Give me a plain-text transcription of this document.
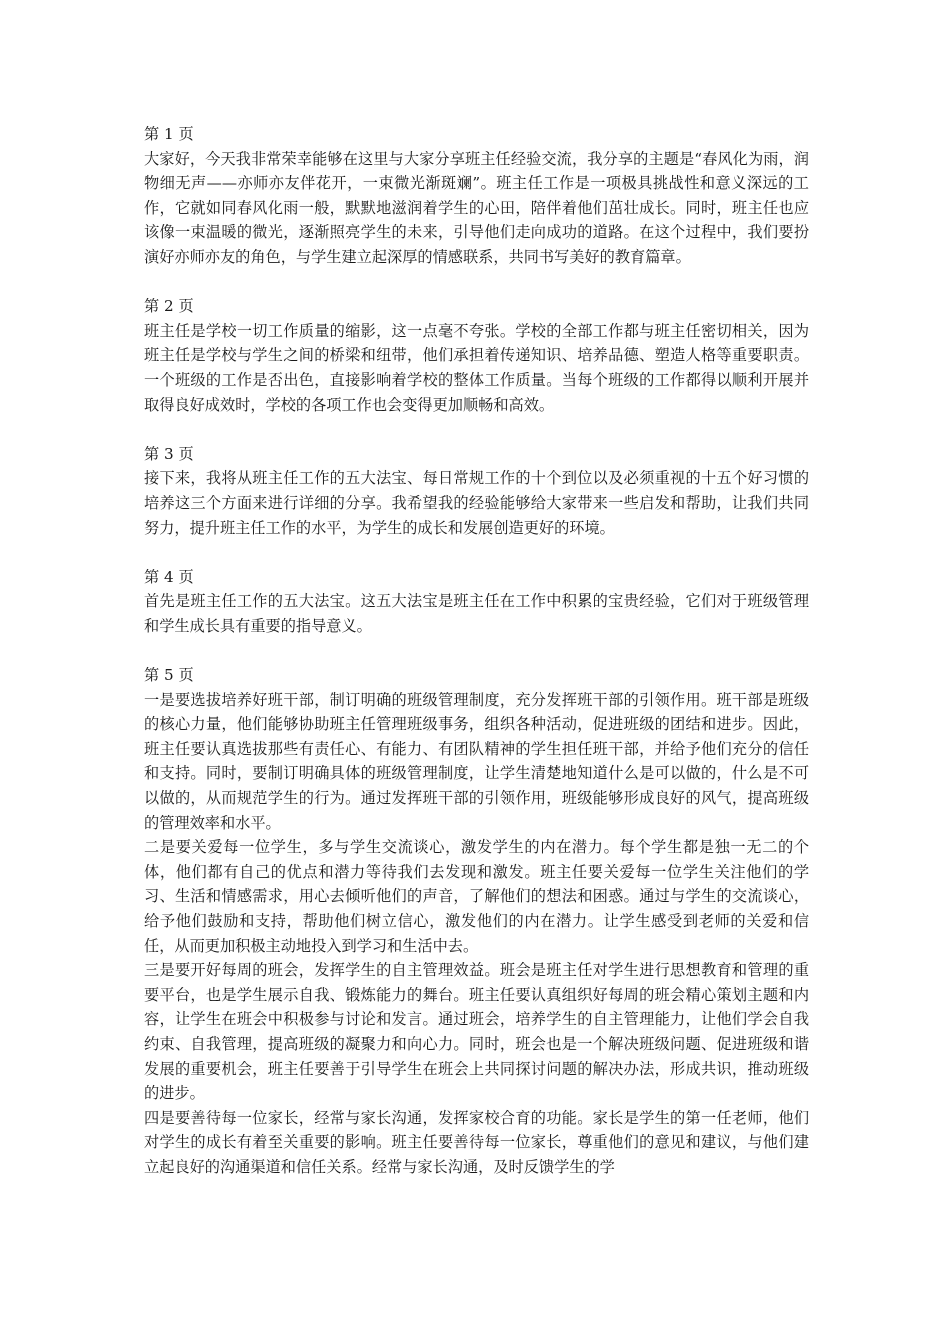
第 1 页

大家好，今天我非常荣幸能够在这里与大家分享班主任经验交流，我分享的主题是“春风化为雨，润物细无声——亦师亦友伴花开，一束微光渐斑斓”。班主任工作是一项极具挑战性和意义深远的工作，它就如同春风化雨一般，默默地滋润着学生的心田，陪伴着他们茁壮成长。同时，班主任也应该像一束温暖的微光，逐渐照亮学生的未来，引导他们走向成功的道路。在这个过程中，我们要扮演好亦师亦友的角色，与学生建立起深厚的情感联系，共同书写美好的教育篇章。

第 2 页

班主任是学校一切工作质量的缩影，这一点毫不夸张。学校的全部工作都与班主任密切相关，因为班主任是学校与学生之间的桥梁和纽带，他们承担着传递知识、培养品德、塑造人格等重要职责。一个班级的工作是否出色，直接影响着学校的整体工作质量。当每个班级的工作都得以顺利开展并取得良好成效时，学校的各项工作也会变得更加顺畅和高效。

第 3 页

接下来，我将从班主任工作的五大法宝、每日常规工作的十个到位以及必须重视的十五个好习惯的培养这三个方面来进行详细的分享。我希望我的经验能够给大家带来一些启发和帮助，让我们共同努力，提升班主任工作的水平，为学生的成长和发展创造更好的环境。

第 4 页

首先是班主任工作的五大法宝。这五大法宝是班主任在工作中积累的宝贵经验，它们对于班级管理和学生成长具有重要的指导意义。

第 5 页

一是要选拔培养好班干部，制订明确的班级管理制度，充分发挥班干部的引领作用。班干部是班级的核心力量，他们能够协助班主任管理班级事务，组织各种活动，促进班级的团结和进步。因此，班主任要认真选拔那些有责任心、有能力、有团队精神的学生担任班干部，并给予他们充分的信任和支持。同时，要制订明确具体的班级管理制度，让学生清楚地知道什么是可以做的，什么是不可以做的，从而规范学生的行为。通过发挥班干部的引领作用，班级能够形成良好的风气，提高班级的管理效率和水平。

二是要关爱每一位学生，多与学生交流谈心，激发学生的内在潜力。每个学生都是独一无二的个体，他们都有自己的优点和潜力等待我们去发现和激发。班主任要关爱每一位学生关注他们的学习、生活和情感需求，用心去倾听他们的声音，了解他们的想法和困惑。通过与学生的交流谈心，给予他们鼓励和支持，帮助他们树立信心，激发他们的内在潜力。让学生感受到老师的关爱和信任，从而更加积极主动地投入到学习和生活中去。

三是要开好每周的班会，发挥学生的自主管理效益。班会是班主任对学生进行思想教育和管理的重要平台，也是学生展示自我、锻炼能力的舞台。班主任要认真组织好每周的班会精心策划主题和内容，让学生在班会中积极参与讨论和发言。通过班会，培养学生的自主管理能力，让他们学会自我约束、自我管理，提高班级的凝聚力和向心力。同时，班会也是一个解决班级问题、促进班级和谐发展的重要机会，班主任要善于引导学生在班会上共同探讨问题的解决办法，形成共识，推动班级的进步。

四是要善待每一位家长，经常与家长沟通，发挥家校合育的功能。家长是学生的第一任老师，他们对学生的成长有着至关重要的影响。班主任要善待每一位家长，尊重他们的意见和建议，与他们建立起良好的沟通渠道和信任关系。经常与家长沟通，及时反馈学生的学
